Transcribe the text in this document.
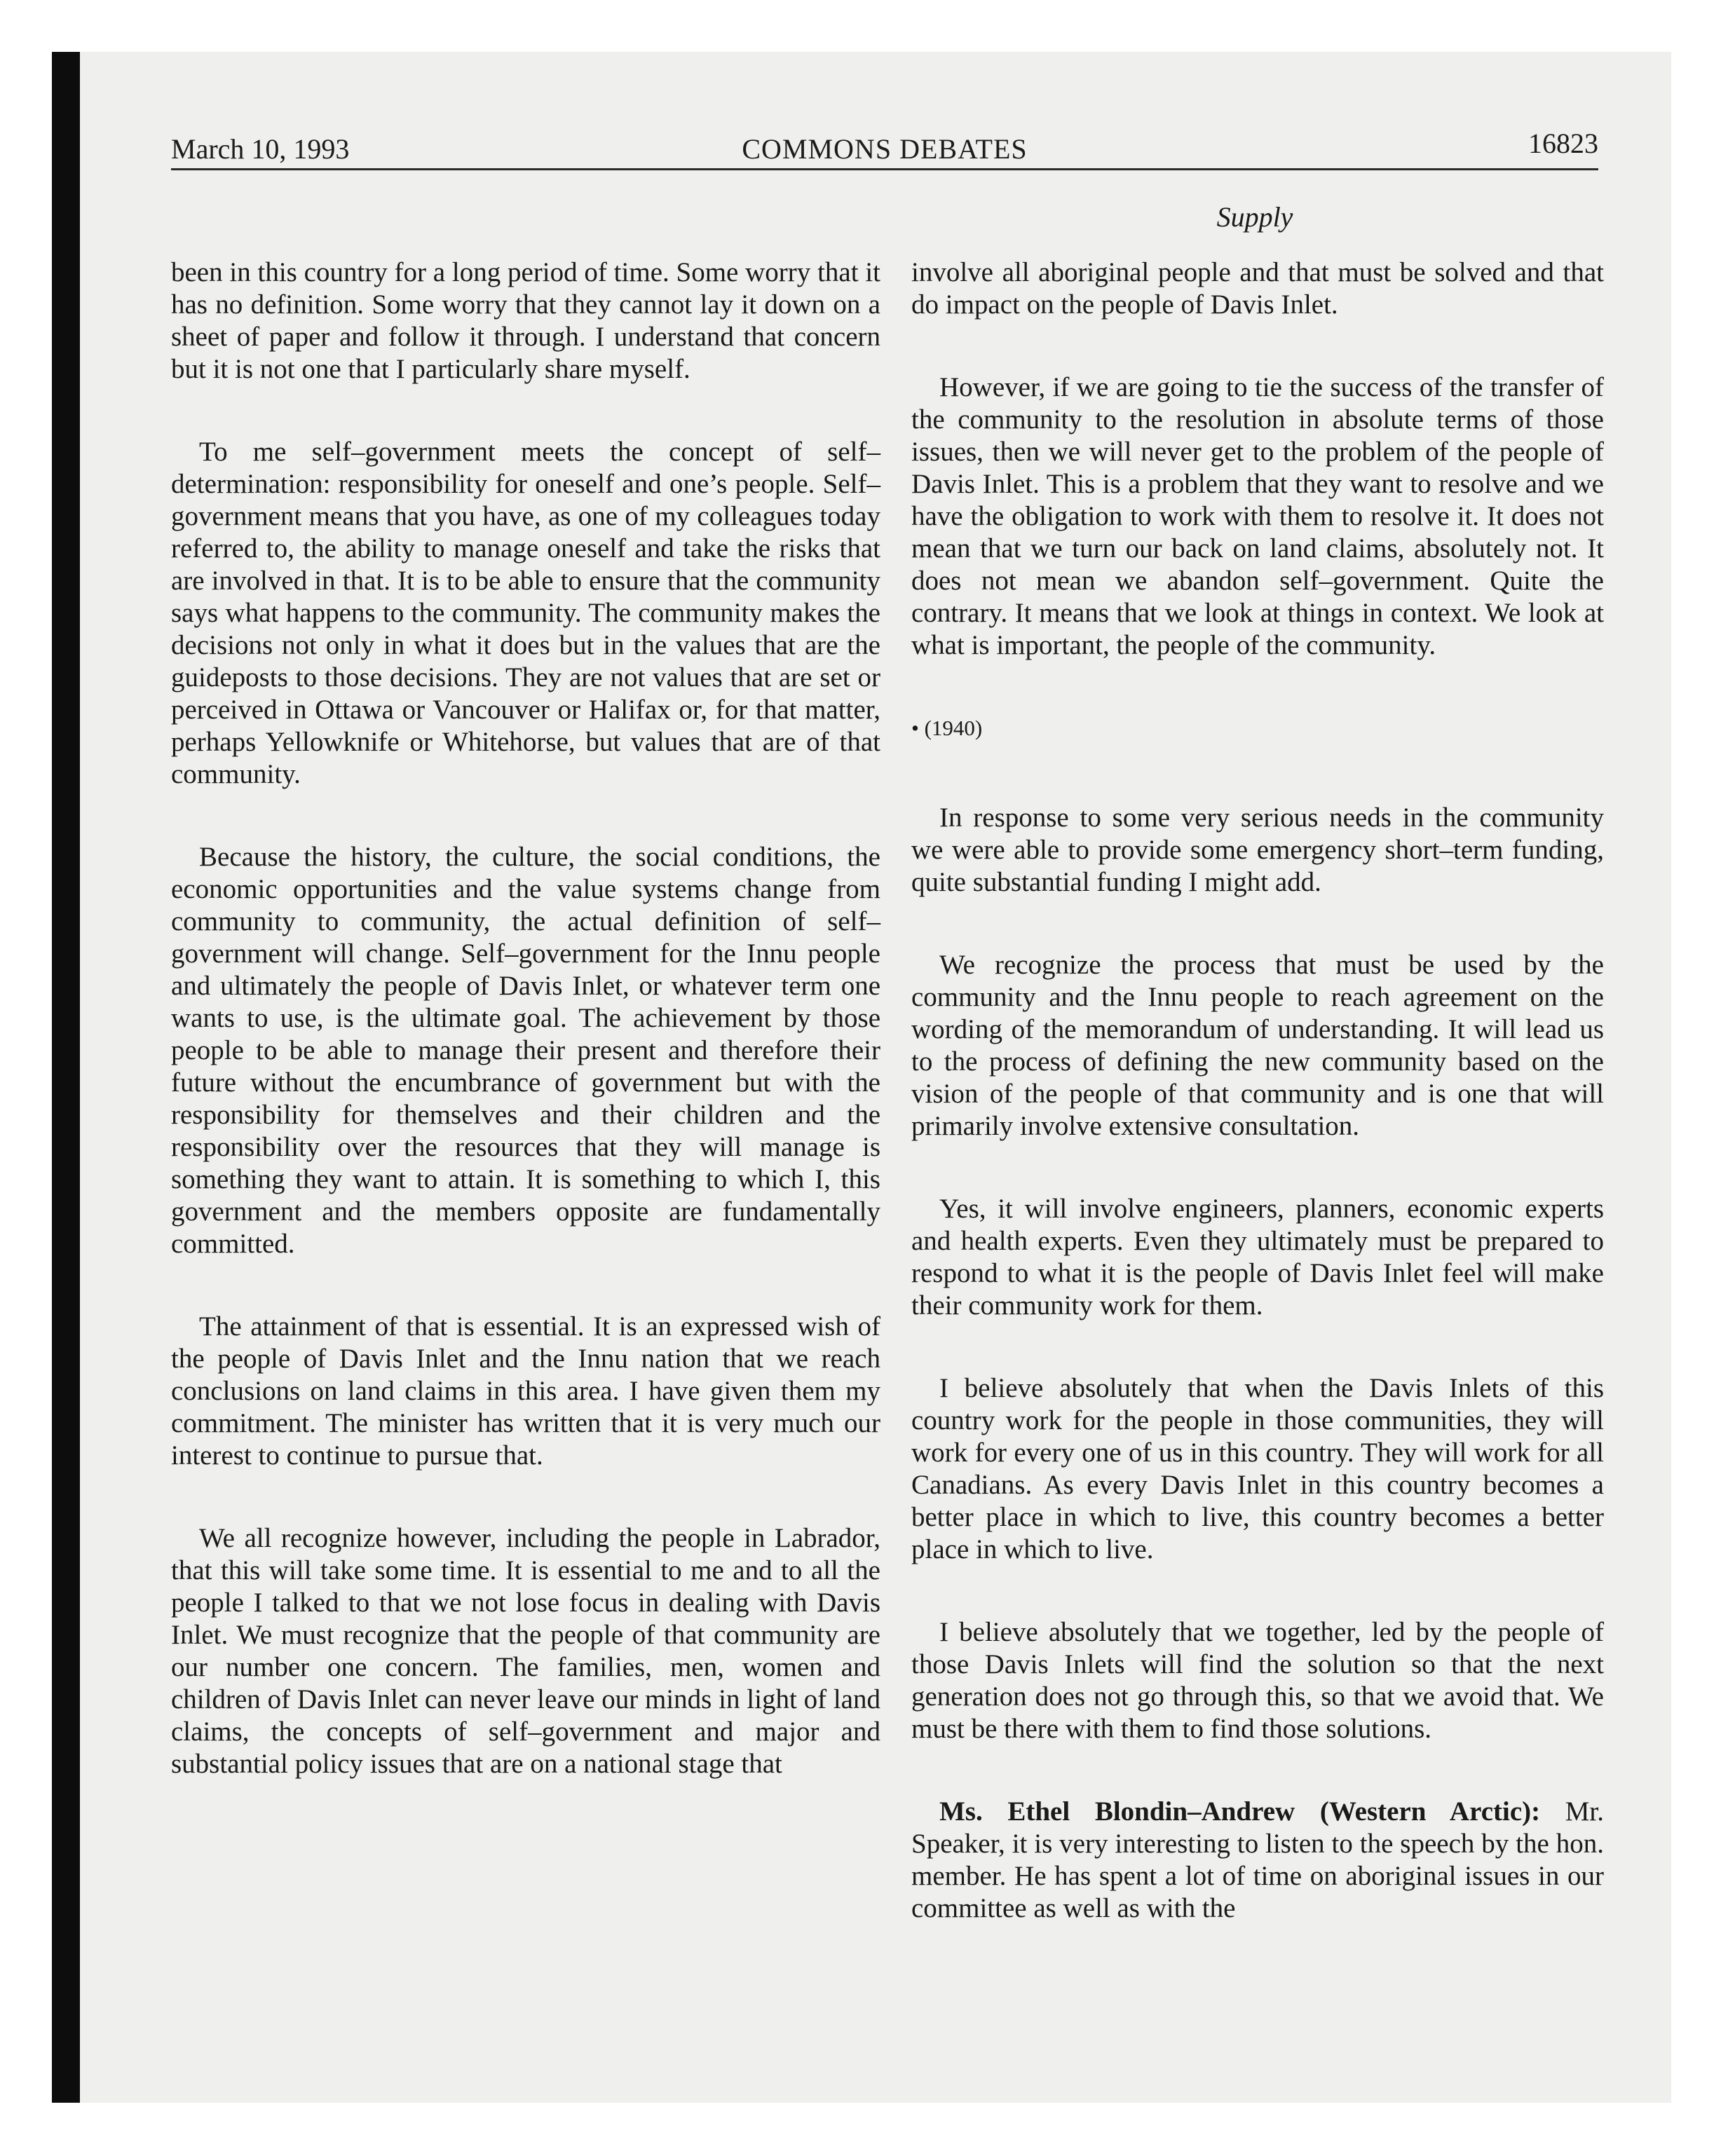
March 10, 1993	COMMONS DEBATES	16823
Supply

been in this country for a long period of time. Some worry that it has no definition. Some worry that they cannot lay it down on a sheet of paper and follow it through. I understand that concern but it is not one that I particularly share myself.

To me self–government meets the concept of self–determination: responsibility for oneself and one’s people. Self–government means that you have, as one of my colleagues today referred to, the ability to manage oneself and take the risks that are involved in that. It is to be able to ensure that the community says what happens to the community. The community makes the decisions not only in what it does but in the values that are the guideposts to those decisions. They are not values that are set or perceived in Ottawa or Vancouver or Halifax or, for that matter, perhaps Yellowknife or Whitehorse, but values that are of that community.

Because the history, the culture, the social conditions, the economic opportunities and the value systems change from community to community, the actual definition of self–government will change. Self–government for the Innu people and ultimately the people of Davis Inlet, or whatever term one wants to use, is the ultimate goal. The achievement by those people to be able to manage their present and therefore their future without the encumbrance of government but with the responsibility for themselves and their children and the responsibility over the resources that they will manage is something they want to attain. It is something to which I, this government and the members opposite are fundamentally committed.

The attainment of that is essential. It is an expressed wish of the people of Davis Inlet and the Innu nation that we reach conclusions on land claims in this area. I have given them my commitment. The minister has written that it is very much our interest to continue to pursue that.

We all recognize however, including the people in Labrador, that this will take some time. It is essential to me and to all the people I talked to that we not lose focus in dealing with Davis Inlet. We must recognize that the people of that community are our number one concern. The families, men, women and children of Davis Inlet can never leave our minds in light of land claims, the concepts of self–government and major and substantial policy issues that are on a national stage that

involve all aboriginal people and that must be solved and that do impact on the people of Davis Inlet.

However, if we are going to tie the success of the transfer of the community to the resolution in absolute terms of those issues, then we will never get to the problem of the people of Davis Inlet. This is a problem that they want to resolve and we have the obligation to work with them to resolve it. It does not mean that we turn our back on land claims, absolutely not. It does not mean we abandon self–government. Quite the contrary. It means that we look at things in context. We look at what is important, the people of the community.

• (1940)

In response to some very serious needs in the community we were able to provide some emergency short–term funding, quite substantial funding I might add.

We recognize the process that must be used by the community and the Innu people to reach agreement on the wording of the memorandum of understanding. It will lead us to the process of defining the new community based on the vision of the people of that community and is one that will primarily involve extensive consultation.

Yes, it will involve engineers, planners, economic experts and health experts. Even they ultimately must be prepared to respond to what it is the people of Davis Inlet feel will make their community work for them.

I believe absolutely that when the Davis Inlets of this country work for the people in those communities, they will work for every one of us in this country. They will work for all Canadians. As every Davis Inlet in this country becomes a better place in which to live, this country becomes a better place in which to live.

I believe absolutely that we together, led by the people of those Davis Inlets will find the solution so that the next generation does not go through this, so that we avoid that. We must be there with them to find those solutions.

Ms. Ethel Blondin–Andrew (Western Arctic): Mr. Speaker, it is very interesting to listen to the speech by the hon. member. He has spent a lot of time on aboriginal issues in our committee as well as with the
